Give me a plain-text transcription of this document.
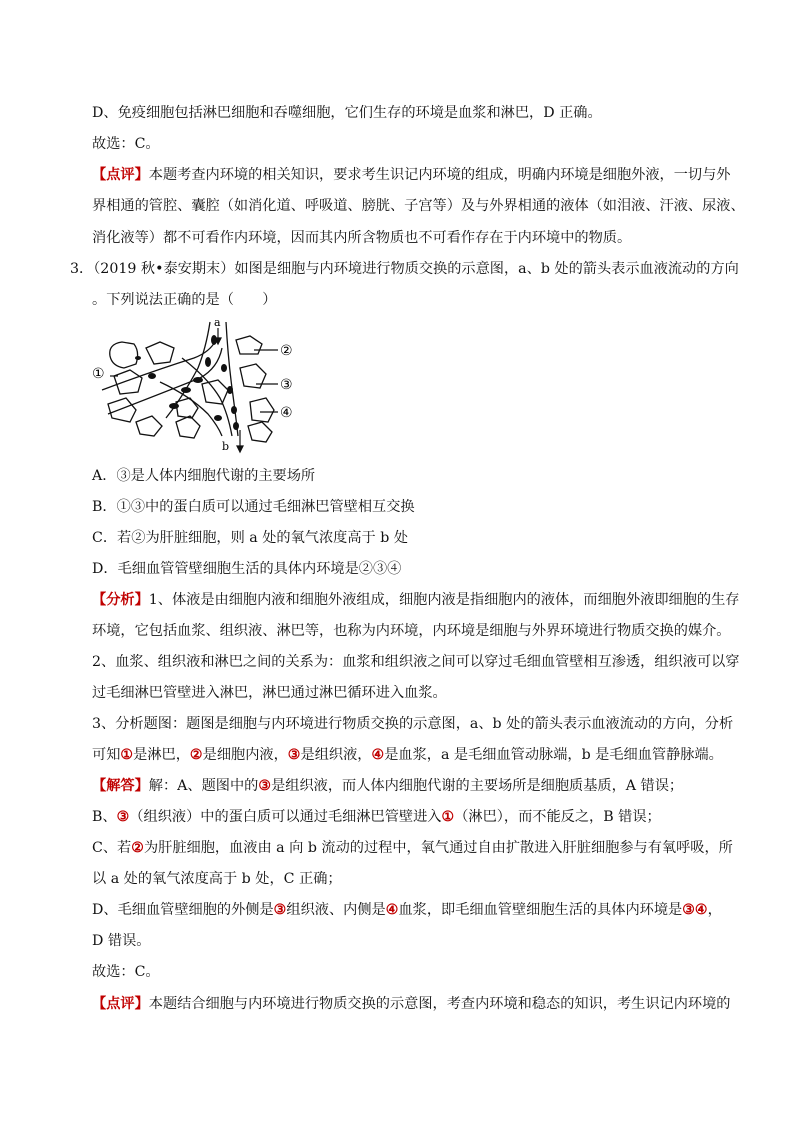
D、免疫细胞包括淋巴细胞和吞噬细胞，它们生存的环境是血浆和淋巴，D 正确。
故选：C。
【点评】本题考查内环境的相关知识，要求考生识记内环境的组成，明确内环境是细胞外液，一切与外
界相通的管腔、囊腔（如消化道、呼吸道、膀胱、子宫等）及与外界相通的液体（如泪液、汗液、尿液、
消化液等）都不可看作内环境，因而其内所含物质也不可看作存在于内环境中的物质。
3．（2019 秋•泰安期末）如图是细胞与内环境进行物质交换的示意图，a、b 处的箭头表示血液流动的方向
。下列说法正确的是（　　）
a
b
①
②
③
④
A．③是人体内细胞代谢的主要场所
B．①③中的蛋白质可以通过毛细淋巴管壁相互交换
C．若②为肝脏细胞，则 a 处的氧气浓度高于 b 处
D．毛细血管管壁细胞生活的具体内环境是②③④
【分析】1、体液是由细胞内液和细胞外液组成，细胞内液是指细胞内的液体，而细胞外液即细胞的生存
环境，它包括血浆、组织液、淋巴等，也称为内环境，内环境是细胞与外界环境进行物质交换的媒介。
2、血浆、组织液和淋巴之间的关系为：血浆和组织液之间可以穿过毛细血管壁相互渗透，组织液可以穿
过毛细淋巴管壁进入淋巴，淋巴通过淋巴循环进入血浆。
3、分析题图：题图是细胞与内环境进行物质交换的示意图，a、b 处的箭头表示血液流动的方向，分析
可知①是淋巴，②是细胞内液，③是组织液，④是血浆，a 是毛细血管动脉端，b 是毛细血管静脉端。
【解答】解：A、题图中的③是组织液，而人体内细胞代谢的主要场所是细胞质基质，A 错误；
B、③（组织液）中的蛋白质可以通过毛细淋巴管壁进入①（淋巴），而不能反之，B 错误；
C、若②为肝脏细胞，血液由 a 向 b 流动的过程中，氧气通过自由扩散进入肝脏细胞参与有氧呼吸，所
以 a 处的氧气浓度高于 b 处，C 正确；
D、毛细血管壁细胞的外侧是③组织液、内侧是④血浆，即毛细血管壁细胞生活的具体内环境是③④，
D 错误。
故选：C。
【点评】本题结合细胞与内环境进行物质交换的示意图，考查内环境和稳态的知识，考生识记内环境的
